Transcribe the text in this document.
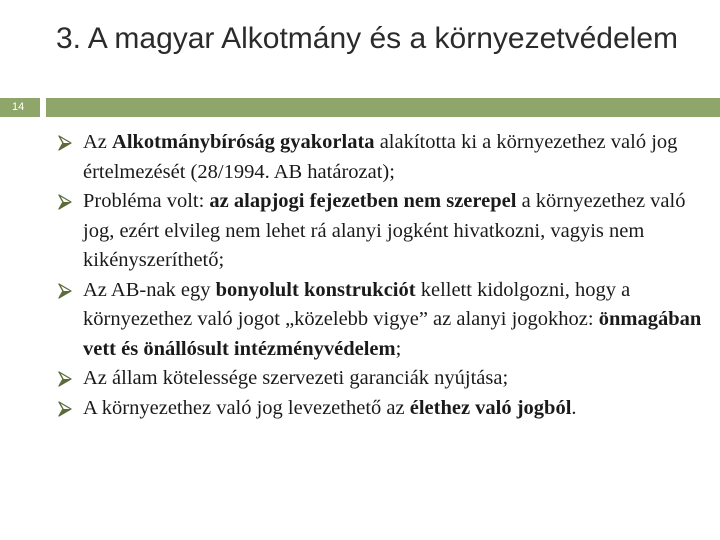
3. A magyar Alkotmány és a környezetvédelem
14
Az Alkotmánybíróság gyakorlata alakította ki a környezethez való jog értelmezését (28/1994. AB határozat);
Probléma volt: az alapjogi fejezetben nem szerepel a környezethez való jog, ezért elvileg nem lehet rá alanyi jogként hivatkozni, vagyis nem kikényszeríthető;
Az AB-nak egy bonyolult konstrukciót kellett kidolgozni, hogy a környezethez való jogot „közelebb vigye” az alanyi jogokhoz: önmagában vett és önállósult intézményvédelem;
Az állam kötelessége szervezeti garanciák nyújtása;
A környezethez való jog levezethető az élethez való jogból.
